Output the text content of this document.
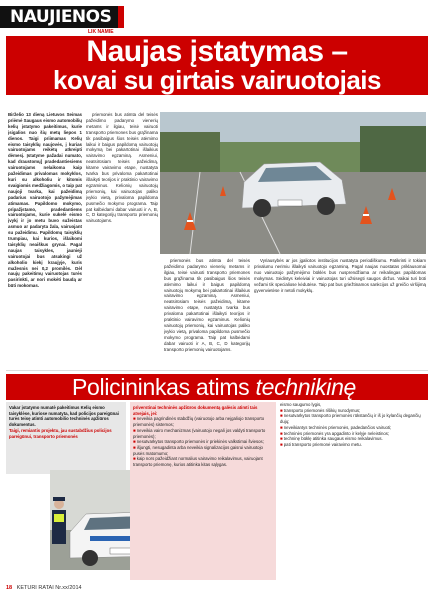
NAUJIENOS
LIK NAMIE
Naujas įstatymas –
kovai su girtais vairuotojais

Birželio 13 dieną Lietuvos Seimas priėmė Saugaus eismo automobilių kelių įstatymo pakeitimus, kurie įsigalios nuo šių metų liepos 1 dienos. Taigi priimamas Kelių eismo taisyklių naujovės, į kurias vairuotojams reikėtų atkreipti dėmesį. Įstatyme pažadai numato, kad draustomų] pradedantiesiems vairuotojams nelaikoma kaip pažeidimas privalomas mokyklos, kuri su alkoholiu ir kitomis svaigiomis medžiagomis, o taip pat naujoji tvarka, kai pažeidimą padarius vairuotojo pažymėjimas atimamas. Papildomo mokymo, pripažįstamo, pradedantiems vairuotojams, kurie sukelė eismo įvykį ir jo metu buvo sužeistas asmuo ar padaryta žala, vairuojant su pažeidimu. Papildomų taisyklių trumpiau, kai kurios, išlaikomi taisyklių neaiškus grynai. Pagal naujas taisykles, jaunieji vairuotojai bus atsakingi už alkoholio kiekį kraujyje, kuris mažesnis nei 0,2 promilės. Dėl naujų pakeitimų vairuotojas turės pasirinkti, ar nori mokėti baudą ar būti mokomas.

priemonės bus atimta del teisės pažeidimo padarymo vienerių metams ir ilgiau, teisė vairuoti transporto priemones bus grąžinama tik pasibaigus šios teisės atėmimo laikui ir baigus papildomą vairuotojų mokymą bei pakartotinai išlaikius vairavimo egzaminą. Asmeniui, neatsirūsiam teisės pažeidimą, kitame vairavimo etape, nustatyta tvarka bus privaloma pakartotinai išlaikyti teorijos ir praktinio vairavimo egzaminus. Kelionių vairuotojų priemonių, kai vairuotojas paliko įvykio vietą, privaloma papildoma pusmečio mokymo programa. Taip pat kalbėdami dabar vairuoti ir A, B, C, D kategorijų transporto priemonių vairuotojams.

priemonės bus atimta del teisės pažeidimo padarymo vienerių metams ir ilgiau, teisė vairuoti transporto priemones bus grąžinama tik pasibaigus šios teisės atėmimo laikui ir baigus papildomą vairuotojų mokymą bei pakartotinai išlaikius vairavimo egzaminą. Asmeniui, neatsirūsiam teisės pažeidimą, kitame vairavimo etape, nustatyta tvarka bus privaloma pakartotinai išlaikyti teorijos ir praktinio vairavimo egzaminus. Kelionių vairuotojų priemonių, kai vairuotojas paliko įvykio vietą, privaloma papildoma pusmečio mokymo programa. Taip pat kalbėdami dabar vairuoti ir A, B, C, D kategorijų transporto priemonių vairuotojams.

Vyriausybės ar jos įgaliotos institucijos nustatyta periodiškumu. Patikrinti ir tokiam privalumu nerimiu išlaikyti vairuotojo egzaminą. Pagal naujas nuostatas priklausomai nuo vairuotojo pažymėjimo būklės bus nusprendžiama ar reikalingas papildomas mokymas. Sėdintys keleiviai ir vairuotojas turi užsisegti saugos diržus. Vaikai turi būti vežami tik specialiose kėdutėse. Taip pat bus griežtinamos sankcijos už greičio viršijimą gyvenvietėse ir netoli mokyklų.

Policininkas atims technikinę
Vakar įstatymo numatė pakeitimus Kelių eismo taisyklėse, kuriose numatyta, kad policijos pareigūnai turės teisę atimti automobilio techninės apžiūros dokumentus.
Taigi, remiantis projektu, jau sustabdžius policijos pareigūnui, transporto priemonės
priverstinai techninės apžiūros dokumentą galėsis atimti tais atvejais, jei:
■ neveikia pagrindinės stabdžių (vairuotojo arba neįgaliojo transporto priemonės) sistemos;
■ neveikia vairo mechanizmas (vairuotojo negali jos valdyti transporto priemonės);
■ nesutvarkytos transporto priemonės ir priekinės valkstimai šviesos;
■ išjungti, nesugadinta arba neveikia signalizacijos gaisrui vairuotojo pusės matomumo;
■ kaip nors pažeidžiant normalius vairavimo reikalavimus, vairuojant transporto priemonę, kurios atitinka kitas sąlygas.
eismo saugumo lygis,
■ transporto priemonės rišikių nurodymus;
■ nesutvarkytos transporto priemonės rūkstančių ir iš jo kylančių degančių dujų;
■ neveikiantys techninės priemonės, padedančios vairuoti;
■ techninės priemonės yra apgadinto ir kelyje neleistinos;
■ techninę būklę atitinka saugaus eismo reikalavimus.
■ pati transporto priemonė vairavimo metu.
18 KETURI RATAI Nr.xx/2014
